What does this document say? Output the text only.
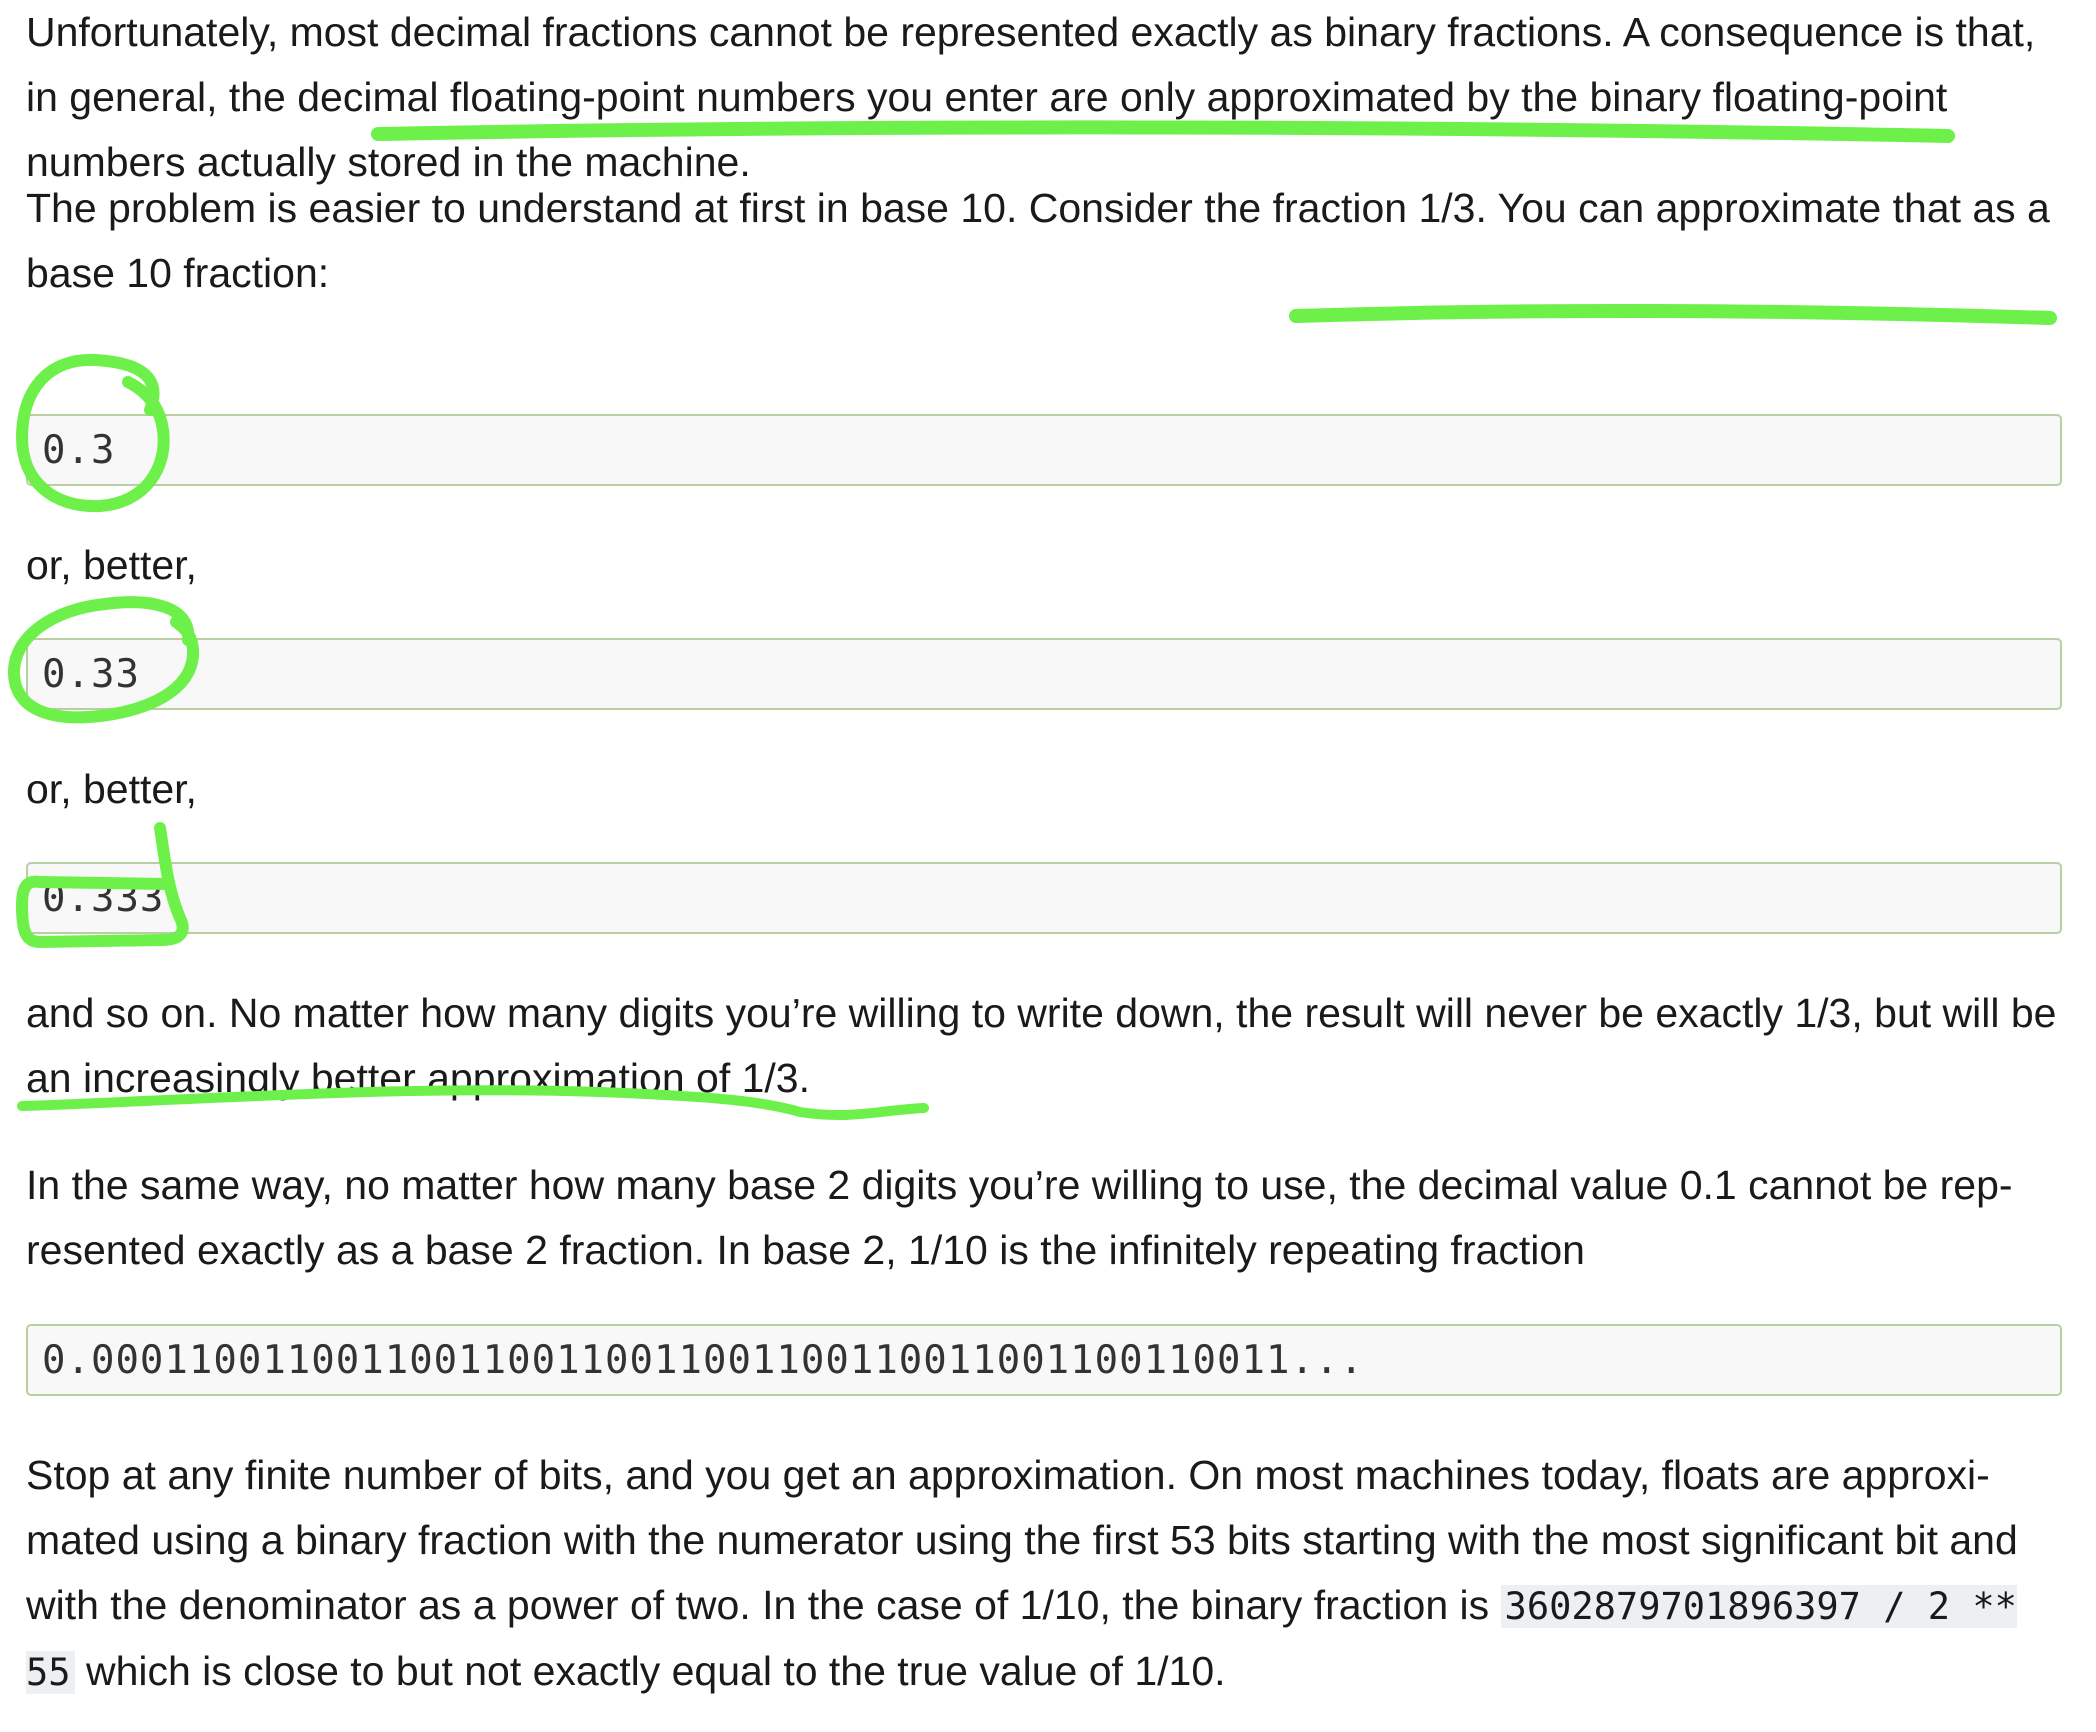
Unfortunately, most decimal fractions cannot be represented exactly as binary fractions. A consequence is that, in general, the decimal floating-point numbers you enter are only approximated by the binary floating-point numbers actually stored in the machine.

The problem is easier to understand at first in base 10. Consider the fraction 1/3. You can approximate that as a base 10 fraction:

0.3

or, better,

0.33

or, better,

0.333

and so on. No matter how many digits you’re willing to write down, the result will never be exactly 1/3, but will be an increasingly better approximation of 1/3.

In the same way, no matter how many base 2 digits you’re willing to use, the decimal value 0.1 cannot be represented exactly as a base 2 fraction. In base 2, 1/10 is the infinitely repeating fraction

0.0001100110011001100110011001100110011001100110011...

Stop at any finite number of bits, and you get an approximation. On most machines today, floats are approximated using a binary fraction with the numerator using the first 53 bits starting with the most significant bit and with the denominator as a power of two. In the case of 1/10, the binary fraction is 3602879701896397 / 2 ** 55 which is close to but not exactly equal to the true value of 1/10.
